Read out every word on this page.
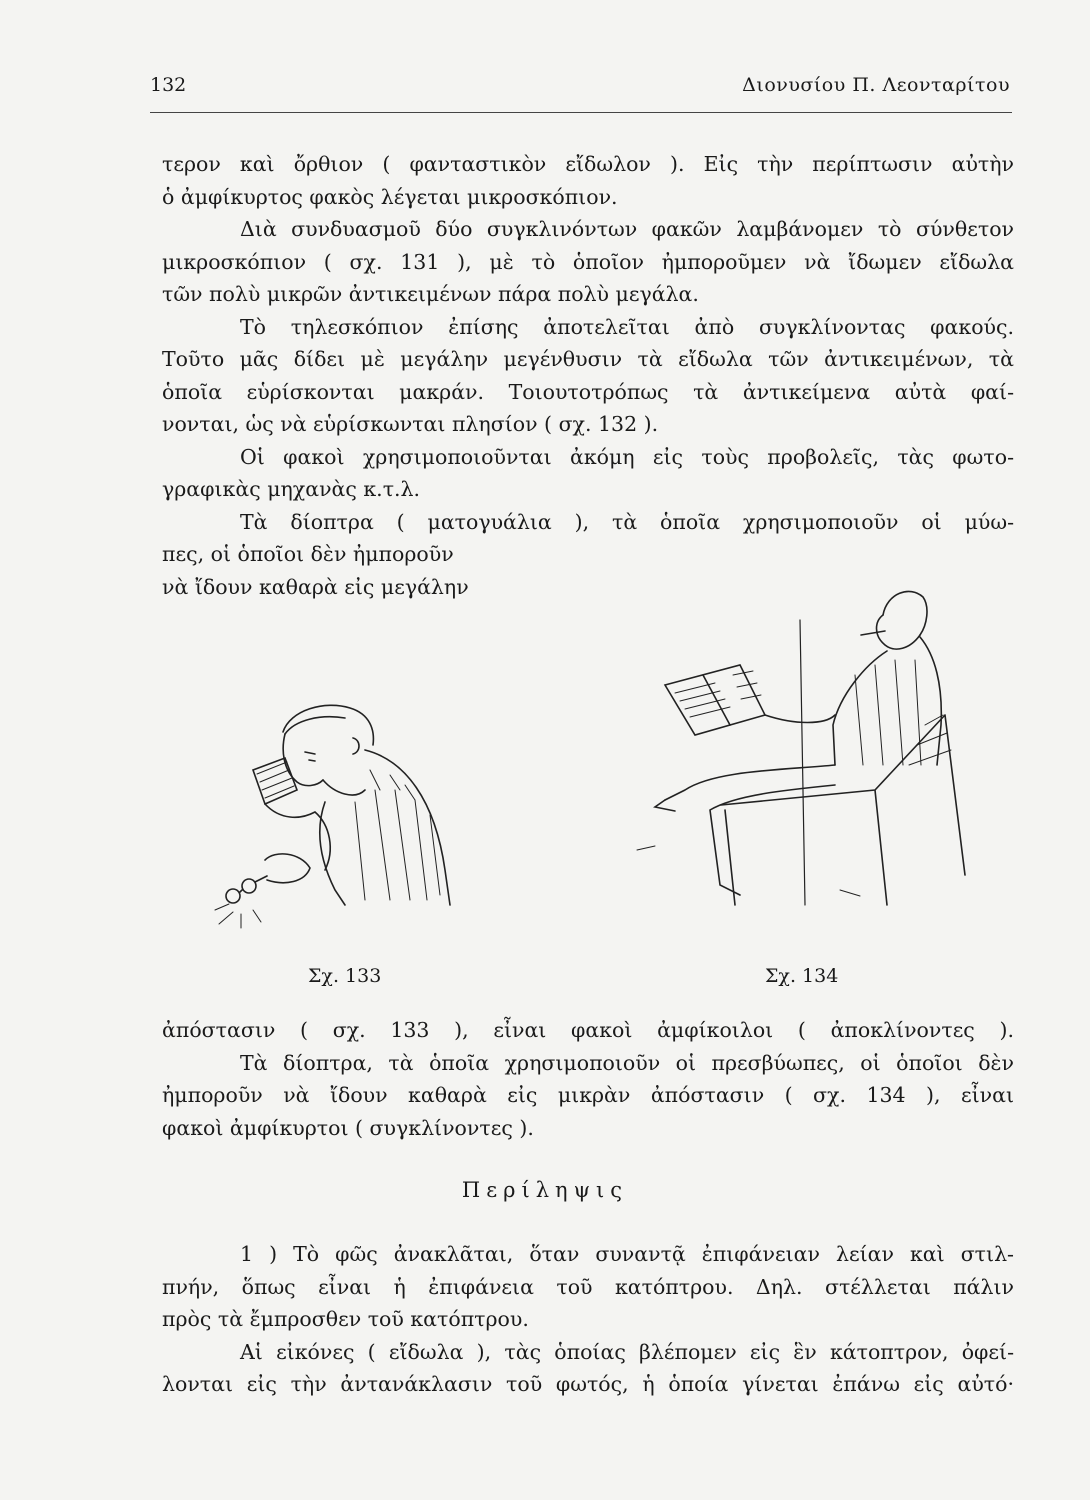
132	Διονυσίου Π. Λεονταρίτου
τερον καὶ ὄρθιον ( φανταστικὸν εἴδωλον ). Εἰς τὴν περίπτωσιν αὐτὴν
ὁ ἀμφίκυρτος φακὸς λέγεται μικροσκόπιον.
Διὰ συνδυασμοῦ δύο συγκλινόντων φακῶν λαμβάνομεν τὸ σύνθετον
μικροσκόπιον ( σχ. 131 ), μὲ τὸ ὁποῖον ἠμποροῦμεν νὰ ἴδωμεν εἴδωλα
τῶν πολὺ μικρῶν ἀντικειμένων πάρα πολὺ μεγάλα.
Τὸ τηλεσκόπιον ἐπίσης ἀποτελεῖται ἀπὸ συγκλίνοντας φακούς.
Τοῦτο μᾶς δίδει μὲ μεγάλην μεγένθυσιν τὰ εἴδωλα τῶν ἀντικειμένων, τὰ
ὁποῖα εὑρίσκονται μακράν. Τοιουτοτρόπως τὰ ἀντικείμενα αὐτὰ φαί-
νονται, ὡς νὰ εὑρίσκωνται πλησίον ( σχ. 132 ).
Οἱ φακοὶ χρησιμοποιοῦνται ἀκόμη εἰς τοὺς προβολεῖς, τὰς φωτο-
γραφικὰς μηχανὰς κ.τ.λ.
Τὰ δίοπτρα ( ματογυάλια ), τὰ ὁποῖα χρησιμοποιοῦν οἱ μύω-
πες, οἱ ὁποῖοι δὲν ἠμποροῦν
νὰ ἴδουν καθαρὰ εἰς μεγάλην
Σχ. 133	Σχ. 134
ἀπόστασιν ( σχ. 133 ), εἶναι φακοὶ ἀμφίκοιλοι ( ἀποκλίνοντες ).
Τὰ δίοπτρα, τὰ ὁποῖα χρησιμοποιοῦν οἱ πρεσβύωπες, οἱ ὁποῖοι δὲν
ἠμποροῦν νὰ ἴδουν καθαρὰ εἰς μικρὰν ἀπόστασιν ( σχ. 134 ), εἶναι
φακοὶ ἀμφίκυρτοι ( συγκλίνοντες ).
Περίληψις
1 ) Τὸ φῶς ἀνακλᾶται, ὅταν συναντᾷ ἐπιφάνειαν λείαν καὶ στιλ-
πνήν, ὅπως εἶναι ἡ ἐπιφάνεια τοῦ κατόπτρου. Δηλ. στέλλεται πάλιν
πρὸς τὰ ἔμπροσθεν τοῦ κατόπτρου.
Αἱ εἰκόνες ( εἴδωλα ), τὰς ὁποίας βλέπομεν εἰς ἓν κάτοπτρον, ὀφεί-
λονται εἰς τὴν ἀντανάκλασιν τοῦ φωτός, ἡ ὁποία γίνεται ἐπάνω εἰς αὐτό·
